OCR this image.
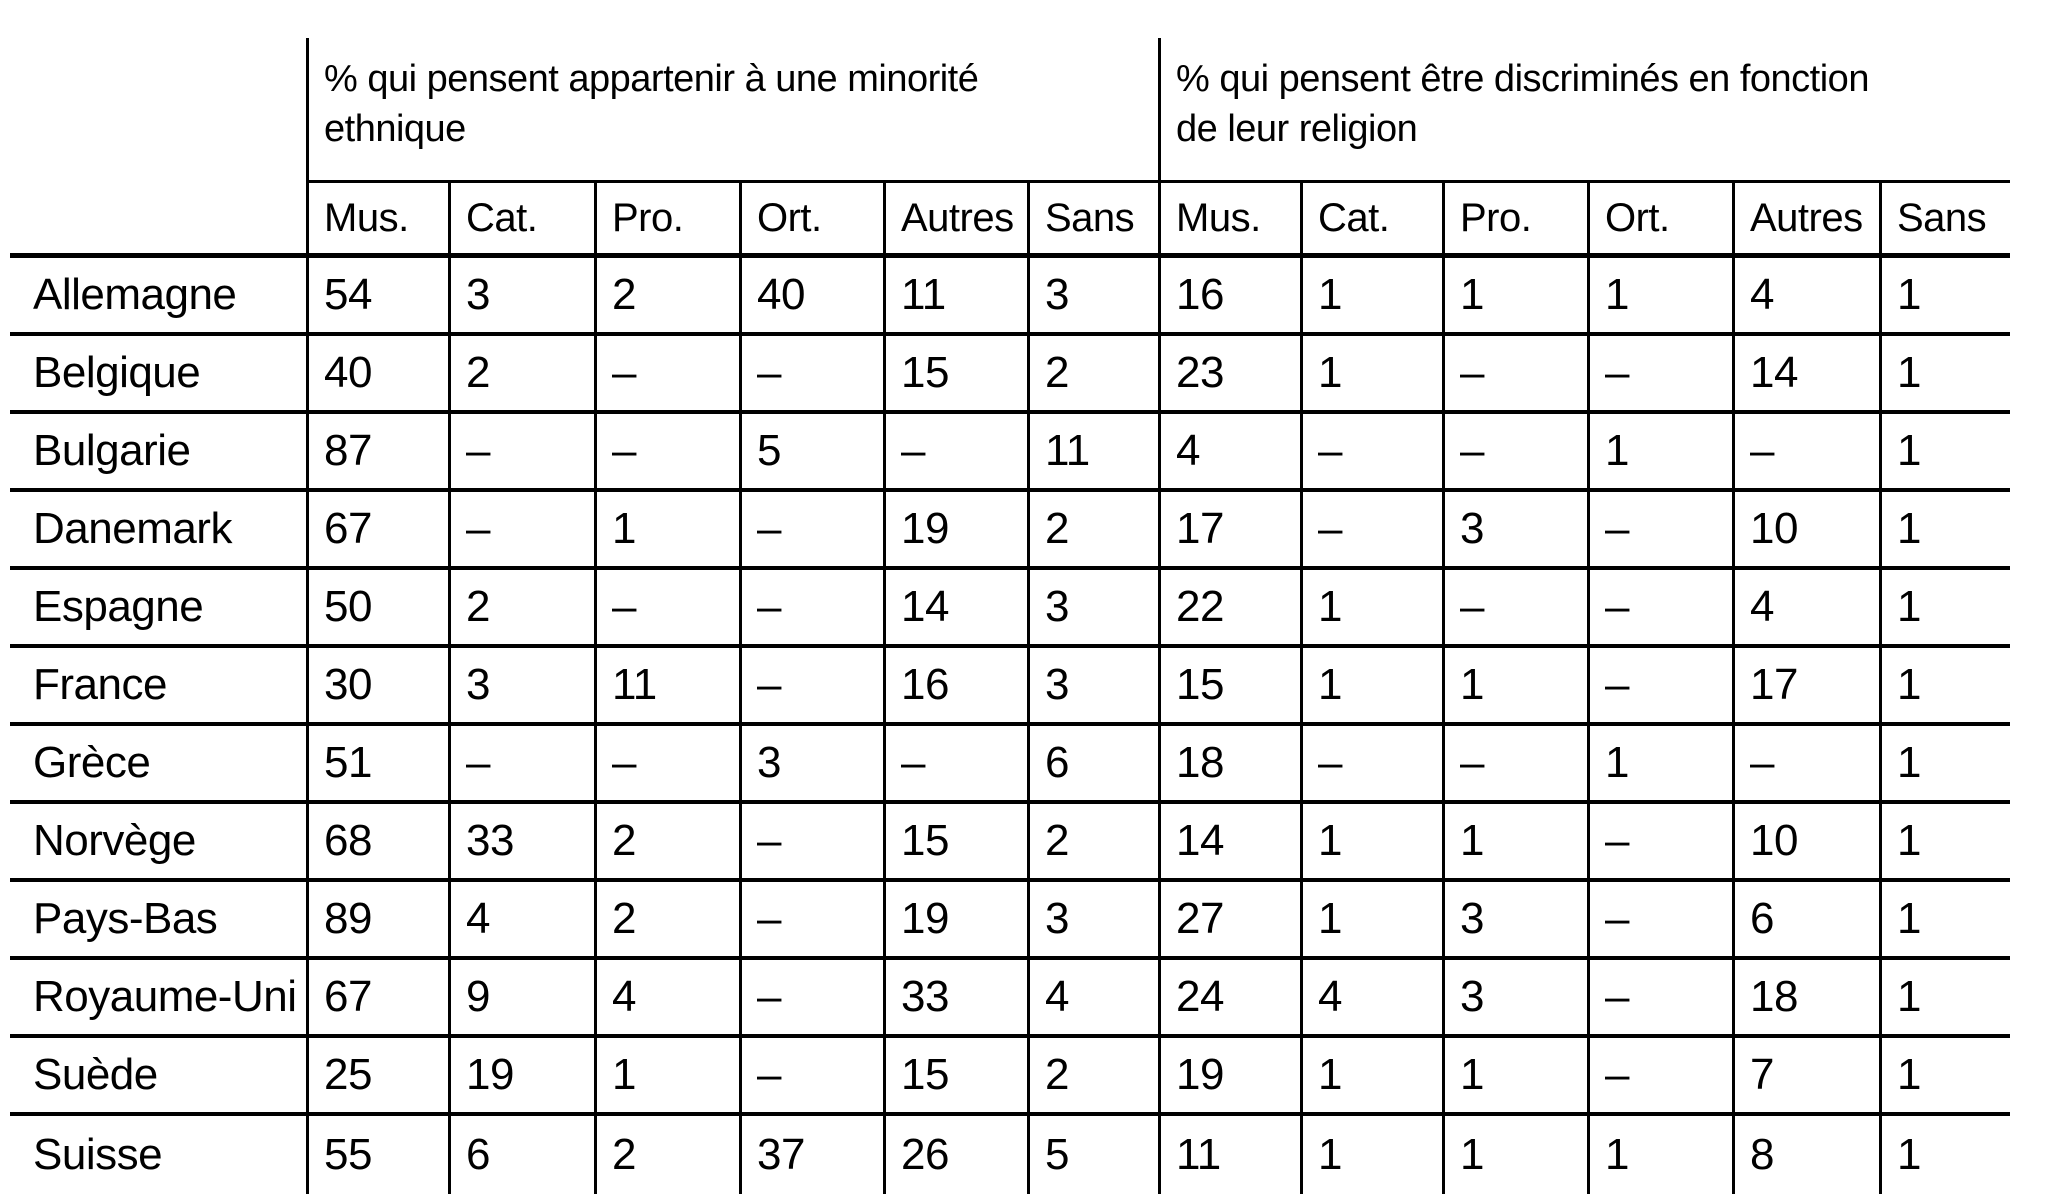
% qui pensent appartenir à une minorité
ethnique
% qui pensent être discriminés en fonction
de leur religion
Mus.	Cat.	Pro.	Ort.	Autres Sans	Mus.	Cat.	Pro.	Ort.	Autres Sans
Allemagne	54	3	2	40	11	3	16	1	1	1	4	1
Belgique	40	2	–	–	15	2	23	1	–	–	14	1
Bulgarie	87	–	–	5	–	11	4	–	–	1	–	1
Danemark	67	–	1	–	19	2	17	–	3	–	10	1
Espagne	50	2	–	–	14	3	22	1	–	–	4	1
France	30	3	11	–	16	3	15	1	1	–	17	1
Grèce	51	–	–	3	–	6	18	–	–	1	–	1
Norvège	68	33	2	–	15	2	14	1	1	–	10	1
Pays-Bas	89	4	2	–	19	3	27	1	3	–	6	1
Royaume-Uni 67	9	4	–	33	4	24	4	3	–	18	1
Suède	25	19	1	–	15	2	19	1	1	–	7	1
Suisse	55	6	2	37	26	5	11	1	1	1	8	1
